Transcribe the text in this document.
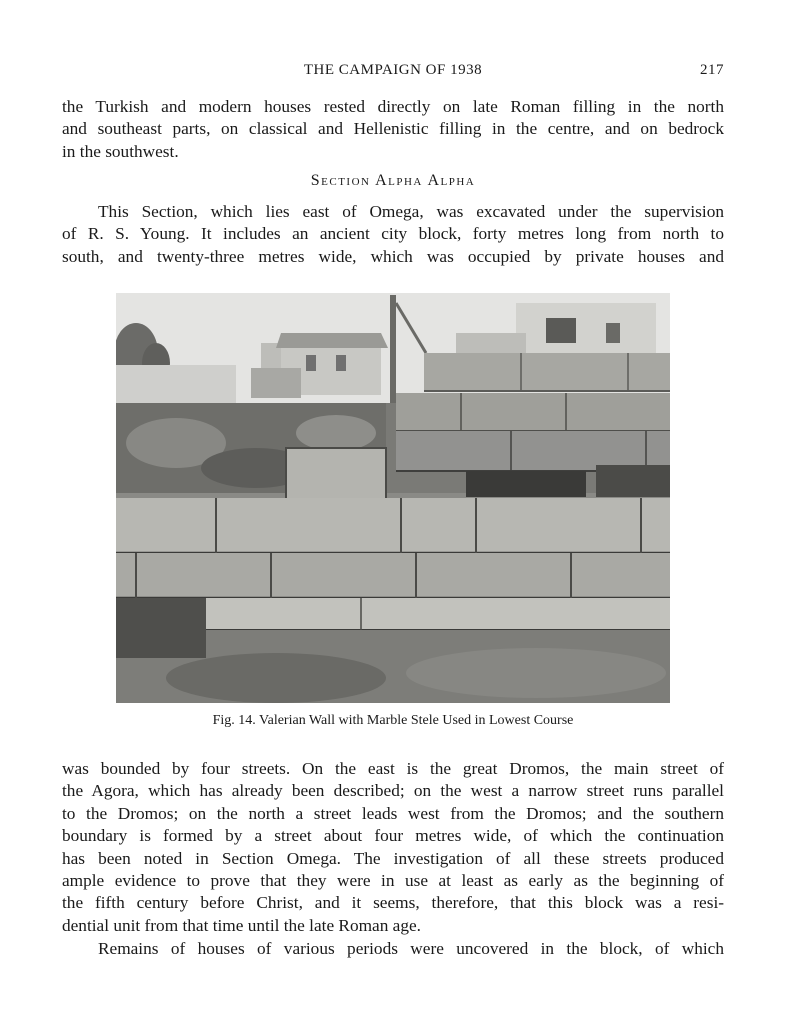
THE CAMPAIGN OF 1938	217
the Turkish and modern houses rested directly on late Roman filling in the north
and southeast parts, on classical and Hellenistic filling in the centre, and on bedrock
in the southwest.
Section Alpha Alpha
This Section, which lies east of Omega, was excavated under the supervision
of R. S. Young. It includes an ancient city block, forty metres long from north to
south, and twenty-three metres wide, which was occupied by private houses and
Fig. 14. Valerian Wall with Marble Stele Used in Lowest Course
was bounded by four streets. On the east is the great Dromos, the main street of
the Agora, which has already been described; on the west a narrow street runs parallel
to the Dromos; on the north a street leads west from the Dromos; and the southern
boundary is formed by a street about four metres wide, of which the continuation
has been noted in Section Omega. The investigation of all these streets produced
ample evidence to prove that they were in use at least as early as the beginning of
the fifth century before Christ, and it seems, therefore, that this block was a resi-
dential unit from that time until the late Roman age.
Remains of houses of various periods were uncovered in the block, of which
